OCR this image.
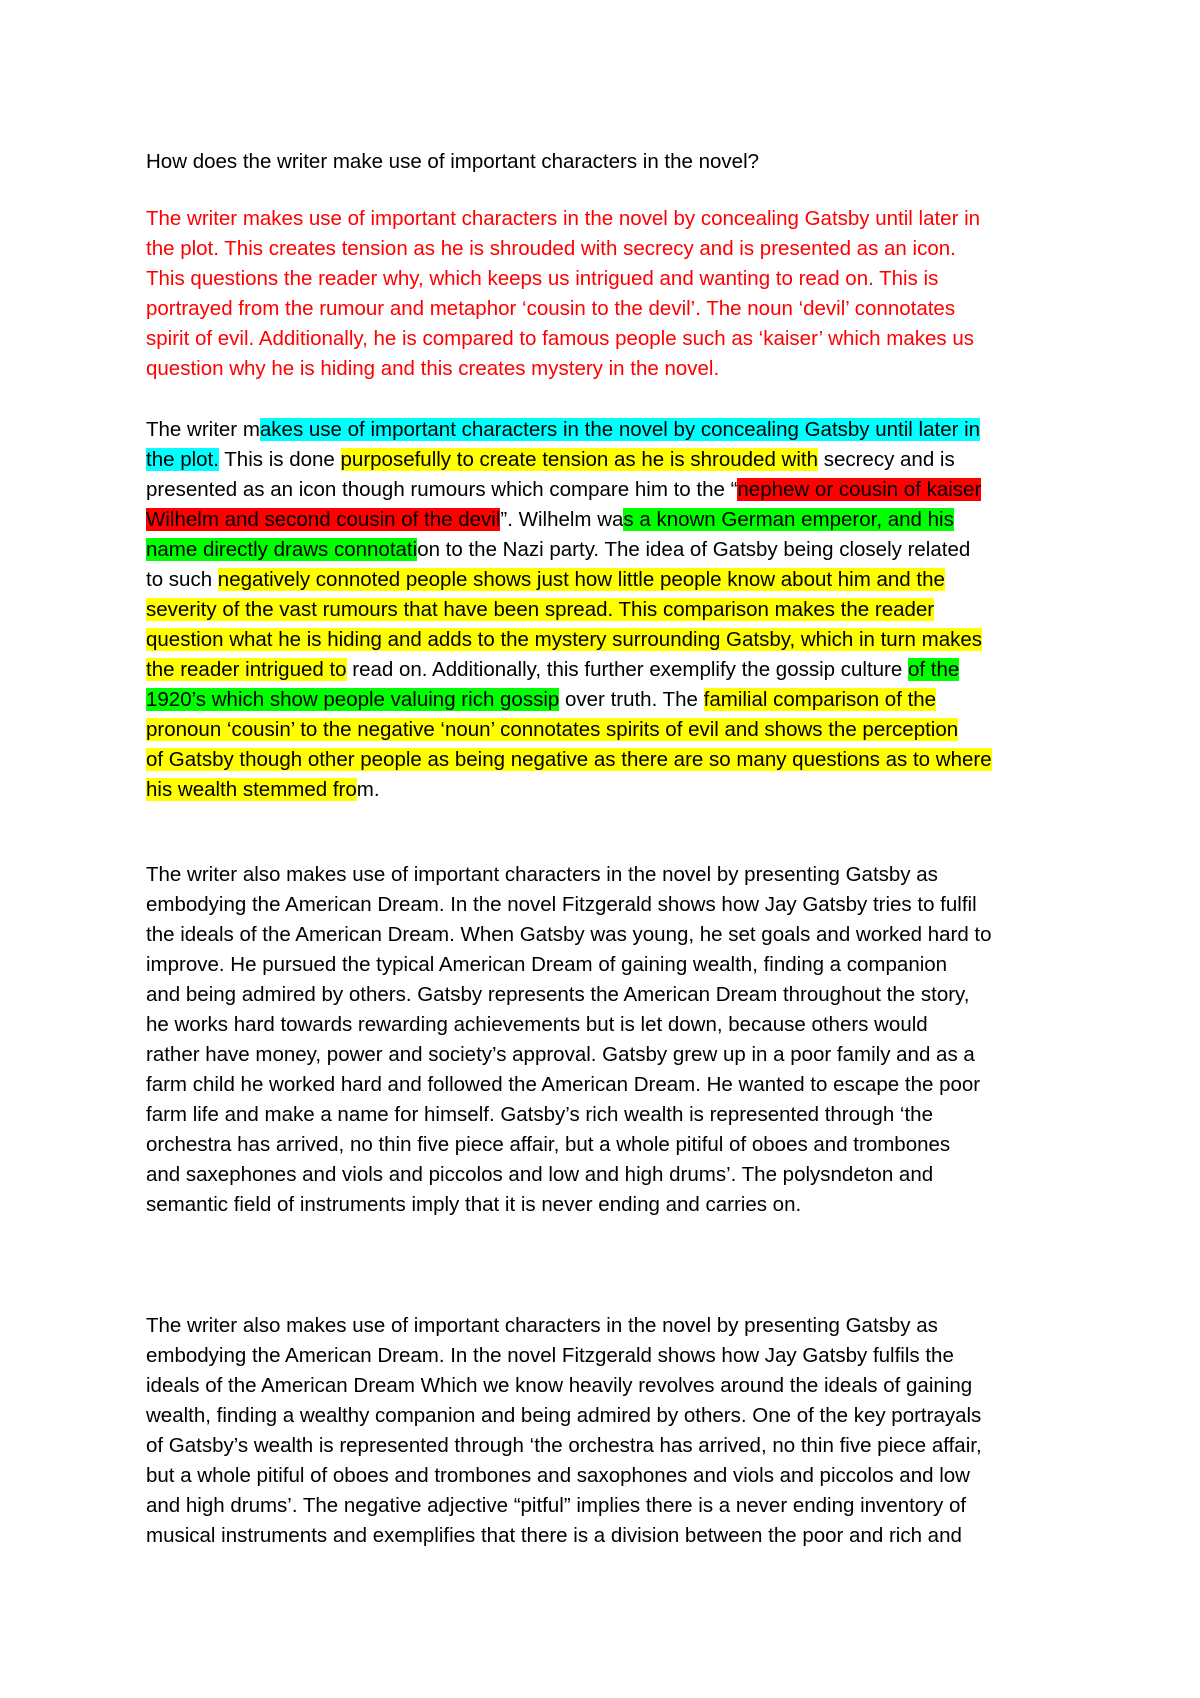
How does the writer make use of important characters in the novel?

The writer makes use of important characters in the novel by concealing Gatsby until later in
the plot. This creates tension as he is shrouded with secrecy and is presented as an icon.
This questions the reader why, which keeps us intrigued and wanting to read on. This is
portrayed from the rumour and metaphor ‘cousin to the devil’. The noun ‘devil’ connotates
spirit of evil. Additionally, he is compared to famous people such as ‘kaiser’ which makes us
question why he is hiding and this creates mystery in the novel.

The writer makes use of important characters in the novel by concealing Gatsby until later in
the plot. This is done purposefully to create tension as he is shrouded with secrecy and is
presented as an icon though rumours which compare him to the “nephew or cousin of kaiser
Wilhelm and second cousin of the devil”. Wilhelm was a known German emperor, and his
name directly draws connotation to the Nazi party. The idea of Gatsby being closely related
to such negatively connoted people shows just how little people know about him and the
severity of the vast rumours that have been spread. This comparison makes the reader
question what he is hiding and adds to the mystery surrounding Gatsby, which in turn makes
the reader intrigued to read on. Additionally, this further exemplify the gossip culture of the
1920’s which show people valuing rich gossip over truth. The familial comparison of the
pronoun ‘cousin’ to the negative ‘noun’ connotates spirits of evil and shows the perception
of Gatsby though other people as being negative as there are so many questions as to where
his wealth stemmed from.

The writer also makes use of important characters in the novel by presenting Gatsby as
embodying the American Dream. In the novel Fitzgerald shows how Jay Gatsby tries to fulfil
the ideals of the American Dream. When Gatsby was young, he set goals and worked hard to
improve. He pursued the typical American Dream of gaining wealth, finding a companion
and being admired by others. Gatsby represents the American Dream throughout the story,
he works hard towards rewarding achievements but is let down, because others would
rather have money, power and society’s approval. Gatsby grew up in a poor family and as a
farm child he worked hard and followed the American Dream. He wanted to escape the poor
farm life and make a name for himself. Gatsby’s rich wealth is represented through ‘the
orchestra has arrived, no thin five piece affair, but a whole pitiful of oboes and trombones
and saxephones and viols and piccolos and low and high drums’. The polysndeton and
semantic field of instruments imply that it is never ending and carries on.

The writer also makes use of important characters in the novel by presenting Gatsby as
embodying the American Dream. In the novel Fitzgerald shows how Jay Gatsby fulfils the
ideals of the American Dream Which we know heavily revolves around the ideals of gaining
wealth, finding a wealthy companion and being admired by others. One of the key portrayals
of Gatsby’s wealth is represented through ‘the orchestra has arrived, no thin five piece affair,
but a whole pitiful of oboes and trombones and saxophones and viols and piccolos and low
and high drums’. The negative adjective “pitful” implies there is a never ending inventory of
musical instruments and exemplifies that there is a division between the poor and rich and
